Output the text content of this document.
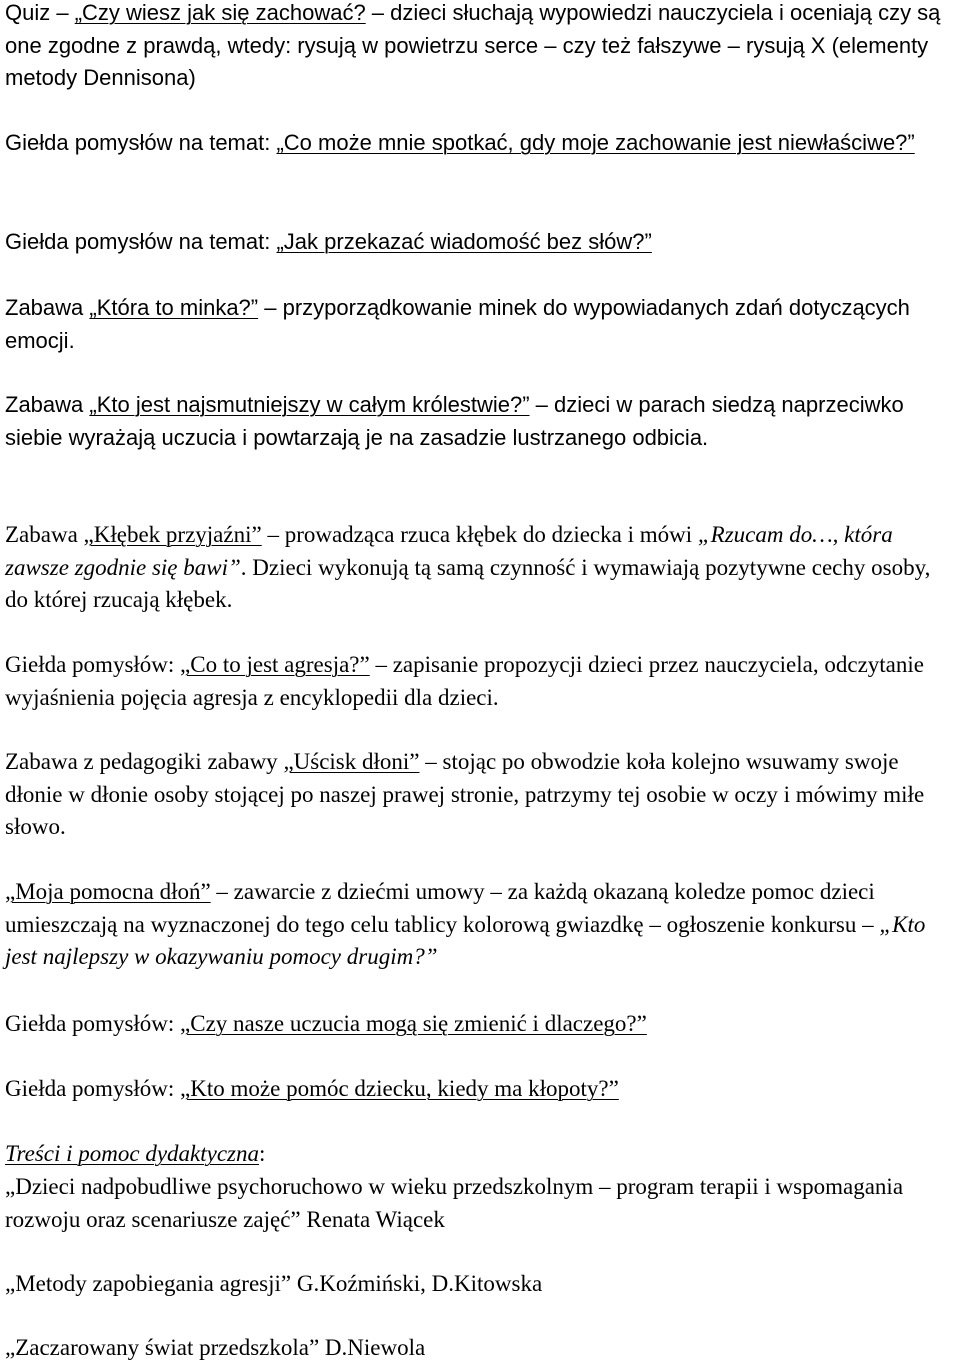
Quiz – „Czy wiesz jak się zachować? – dzieci słuchają wypowiedzi nauczyciela i oceniają czy są one zgodne z prawdą, wtedy: rysują w powietrzu serce – czy też fałszywe – rysują X (elementy metody Dennisona)

Giełda pomysłów na temat: „Co może mnie spotkać, gdy moje zachowanie jest niewłaściwe?”

Giełda pomysłów na temat: „Jak przekazać wiadomość bez słów?”

Zabawa „Która to minka?” – przyporządkowanie minek do wypowiadanych zdań dotyczących emocji.

Zabawa „Kto jest najsmutniejszy w całym królestwie?” – dzieci w parach siedzą naprzeciwko siebie wyrażają uczucia i powtarzają je na zasadzie lustrzanego odbicia.

Zabawa „Kłębek przyjaźni” – prowadząca rzuca kłębek do dziecka i mówi „Rzucam do…, która zawsze zgodnie się bawi”. Dzieci wykonują tą samą czynność i wymawiają pozytywne cechy osoby, do której rzucają kłębek.

Giełda pomysłów: „Co to jest agresja?” – zapisanie propozycji dzieci przez nauczyciela, odczytanie wyjaśnienia pojęcia agresja z encyklopedii dla dzieci.

Zabawa z pedagogiki zabawy „Uścisk dłoni” – stojąc po obwodzie koła kolejno wsuwamy swoje dłonie w dłonie osoby stojącej po naszej prawej stronie, patrzymy tej osobie w oczy i mówimy miłe słowo.

„Moja pomocna dłoń” – zawarcie z dziećmi umowy – za każdą okazaną koledze pomoc dzieci umieszczają na wyznaczonej do tego celu tablicy kolorową gwiazdkę – ogłoszenie konkursu – „Kto jest najlepszy w okazywaniu pomocy drugim?”

Giełda pomysłów: „Czy nasze uczucia mogą się zmienić i dlaczego?”

Giełda pomysłów: „Kto może pomóc dziecku, kiedy ma kłopoty?”

Treści i pomoc dydaktyczna:

„Dzieci nadpobudliwe psychoruchowo w wieku przedszkolnym – program terapii i wspomagania rozwoju oraz scenariusze zajęć” Renata Wiącek

„Metody zapobiegania agresji” G.Koźmiński, D.Kitowska

„Zaczarowany świat przedszkola” D.Niewola
